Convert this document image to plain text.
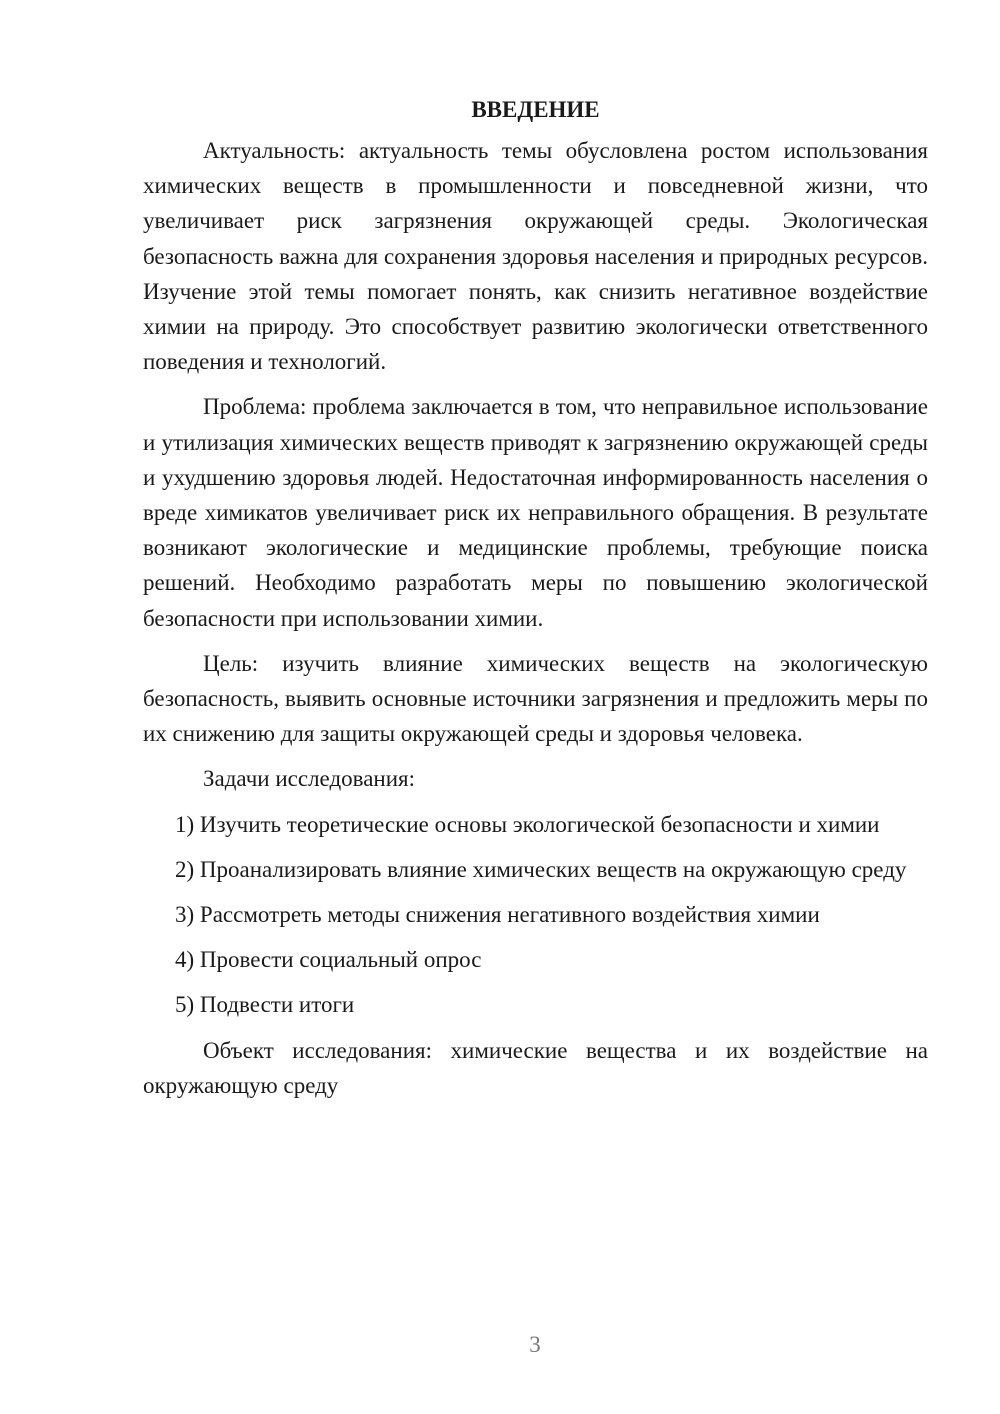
ВВЕДЕНИЕ

Актуальность: актуальность темы обусловлена ростом использования химических веществ в промышленности и повседневной жизни, что увеличивает риск загрязнения окружающей среды. Экологическая безопасность важна для сохранения здоровья населения и природных ресурсов. Изучение этой темы помогает понять, как снизить негативное воздействие химии на природу. Это способствует развитию экологически ответственного поведения и технологий.

Проблема: проблема заключается в том, что неправильное использование и утилизация химических веществ приводят к загрязнению окружающей среды и ухудшению здоровья людей. Недостаточная информированность населения о вреде химикатов увеличивает риск их неправильного обращения. В результате возникают экологические и медицинские проблемы, требующие поиска решений. Необходимо разработать меры по повышению экологической безопасности при использовании химии.

Цель: изучить влияние химических веществ на экологическую безопасность, выявить основные источники загрязнения и предложить меры по их снижению для защиты окружающей среды и здоровья человека.

Задачи исследования:

1) Изучить теоретические основы экологической безопасности и химии

2) Проанализировать влияние химических веществ на окружающую среду

3) Рассмотреть методы снижения негативного воздействия химии

4) Провести социальный опрос

5) Подвести итоги

Объект исследования: химические вещества и их воздействие на окружающую среду

3
